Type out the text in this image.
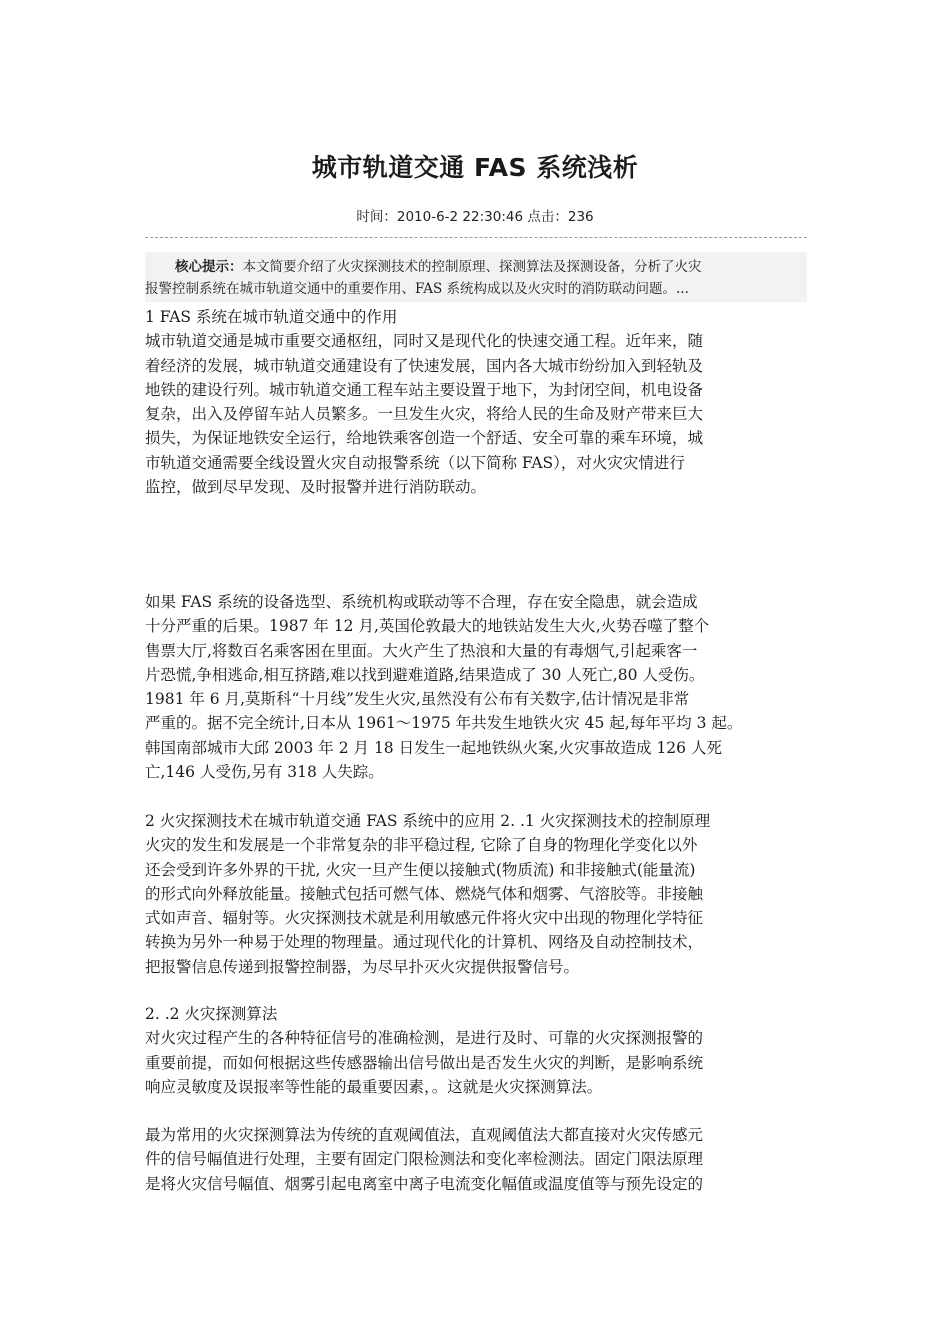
城市轨道交通 FAS 系统浅析
时间：2010-6-2 22:30:46 点击：236
核心提示：本文简要介绍了火灾探测技术的控制原理、探测算法及探测设备，分析了火灾
报警控制系统在城市轨道交通中的重要作用、FAS 系统构成以及火灾时的消防联动问题。...
1 FAS 系统在城市轨道交通中的作用
城市轨道交通是城市重要交通枢纽，同时又是现代化的快速交通工程。近年来，随
着经济的发展，城市轨道交通建设有了快速发展，国内各大城市纷纷加入到轻轨及
地铁的建设行列。城市轨道交通工程车站主要设置于地下，为封闭空间，机电设备
复杂，出入及停留车站人员繁多。一旦发生火灾，将给人民的生命及财产带来巨大
损失，为保证地铁安全运行，给地铁乘客创造一个舒适、安全可靠的乘车环境，城
市轨道交通需要全线设置火灾自动报警系统（以下简称 FAS），对火灾灾情进行
监控，做到尽早发现、及时报警并进行消防联动。
如果 FAS 系统的设备选型、系统机构或联动等不合理，存在安全隐患，就会造成
十分严重的后果。1987 年 12 月,英国伦敦最大的地铁站发生大火,火势吞噬了整个
售票大厅,将数百名乘客困在里面。大火产生了热浪和大量的有毒烟气,引起乘客一
片恐慌,争相逃命,相互挤踏,难以找到避难道路,结果造成了 30 人死亡,80 人受伤。
1981 年 6 月,莫斯科“十月线”发生火灾,虽然没有公布有关数字,估计情况是非常
严重的。据不完全统计,日本从 1961～1975 年共发生地铁火灾 45 起,每年平均 3 起。
韩国南部城市大邱 2003 年 2 月 18 日发生一起地铁纵火案,火灾事故造成 126 人死
亡,146 人受伤,另有 318 人失踪。
2 火灾探测技术在城市轨道交通 FAS 系统中的应用 2. .1 火灾探测技术的控制原理
火灾的发生和发展是一个非常复杂的非平稳过程, 它除了自身的物理化学变化以外
还会受到许多外界的干扰, 火灾一旦产生便以接触式(物质流) 和非接触式(能量流)
的形式向外释放能量。接触式包括可燃气体、燃烧气体和烟雾、气溶胶等。非接触
式如声音、辐射等。火灾探测技术就是利用敏感元件将火灾中出现的物理化学特征
转换为另外一种易于处理的物理量。通过现代化的计算机、网络及自动控制技术，
把报警信息传递到报警控制器，为尽早扑灭火灾提供报警信号。
2. .2 火灾探测算法
对火灾过程产生的各种特征信号的准确检测，是进行及时、可靠的火灾探测报警的
重要前提，而如何根据这些传感器输出信号做出是否发生火灾的判断，是影响系统
响应灵敏度及误报率等性能的最重要因素，。这就是火灾探测算法。
最为常用的火灾探测算法为传统的直观阈值法，直观阈值法大都直接对火灾传感元
件的信号幅值进行处理，主要有固定门限检测法和变化率检测法。固定门限法原理
是将火灾信号幅值、烟雾引起电离室中离子电流变化幅值或温度值等与预先设定的
